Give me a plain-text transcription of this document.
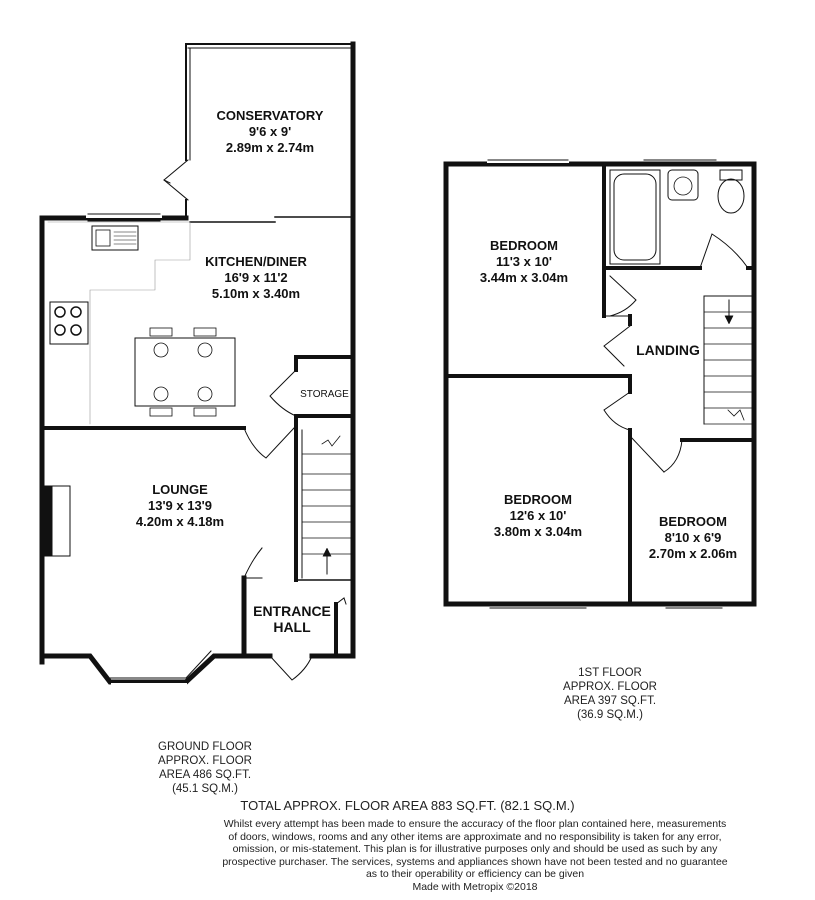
CONSERVATORY
9'6 x 9'
2.89m x 2.74m
KITCHEN/DINER
16'9 x 11'2
5.10m x 3.40m
STORAGE
LOUNGE
13'9 x 13'9
4.20m x 4.18m
ENTRANCE
HALL
BEDROOM
11'3 x 10'
3.44m x 3.04m
LANDING
BEDROOM
12'6 x 10'
3.80m x 3.04m
BEDROOM
8'10 x 6'9
2.70m x 2.06m
1ST FLOOR
APPROX. FLOOR
AREA 397 SQ.FT.
(36.9 SQ.M.)
GROUND FLOOR
APPROX. FLOOR
AREA 486 SQ.FT.
(45.1 SQ.M.)
TOTAL APPROX. FLOOR AREA 883 SQ.FT. (82.1 SQ.M.)
Whilst every attempt has been made to ensure the accuracy of the floor plan contained here, measurements
of doors, windows, rooms and any other items are approximate and no responsibility is taken for any error,
omission, or mis-statement. This plan is for illustrative purposes only and should be used as such by any
prospective purchaser. The services, systems and appliances shown have not been tested and no guarantee
as to their operability or efficiency can be given
Made with Metropix ©2018
